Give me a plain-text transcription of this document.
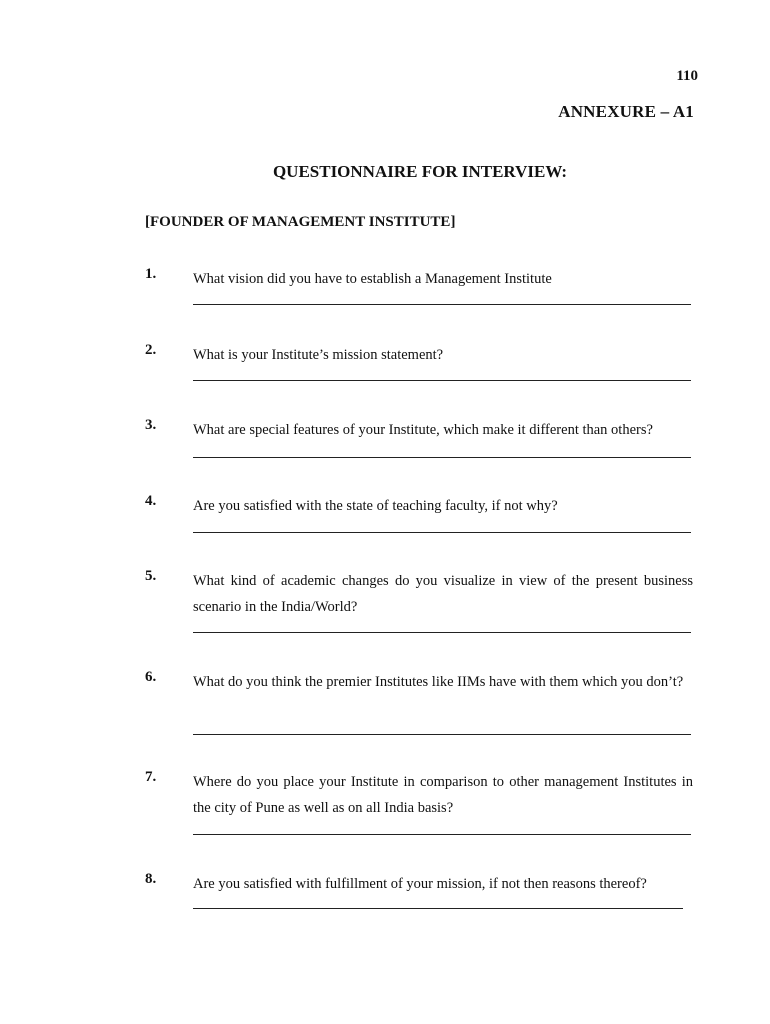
110
ANNEXURE – A1
QUESTIONNAIRE FOR INTERVIEW:
[FOUNDER OF MANAGEMENT INSTITUTE]
1.	What vision did you have to establish a Management Institute
2.	What is your Institute’s mission statement?
3.	What are special features of your Institute, which make it different than others?
4.	Are you satisfied with the state of teaching faculty, if not why?
5.	What kind of academic changes do you visualize in view of the present business scenario in the India/World?
6.	What do you think the premier Institutes like IIMs have with them which you don’t?
7.	Where do you place your Institute in comparison to other management Institutes in the city of Pune as well as on all India basis?
8.	Are you satisfied with fulfillment of your mission, if not then reasons thereof?
